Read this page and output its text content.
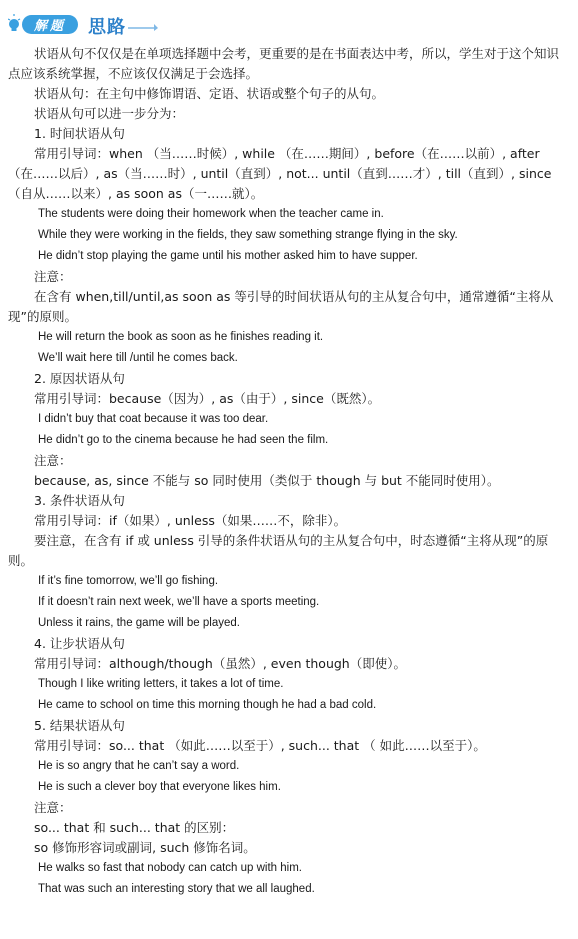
解题 思路

状语从句不仅仅是在单项选择题中会考，更重要的是在书面表达中考，所以，学生对于这个知识点应该系统掌握，不应该仅仅满足于会选择。

状语从句：在主句中修饰谓语、定语、状语或整个句子的从句。

状语从句可以进一步分为：

1. 时间状语从句

常用引导词：when （当……时候）, while （在……期间）, before（在……以前）, after（在……以后）, as（当……时）, until（直到）, not... until（直到……才）, till（直到）, since（自从……以来）, as soon as（一……就）。

The students were doing their homework when the teacher came in.

While they were working in the fields, they saw something strange flying in the sky.

He didn’t stop playing the game until his mother asked him to have supper.

注意：

在含有 when,till/until,as soon as 等引导的时间状语从句的主从复合句中，通常遵循“主将从现”的原则。

He will return the book as soon as he finishes reading it.

We’ll wait here till /until he comes back.

2. 原因状语从句

常用引导词：because（因为）, as（由于）, since（既然）。

I didn’t buy that coat because it was too dear.

He didn’t go to the cinema because he had seen the film.

注意：

because, as, since 不能与 so 同时使用（类似于 though 与 but 不能同时使用）。

3. 条件状语从句

常用引导词：if（如果）, unless（如果……不，除非）。

要注意，在含有 if 或 unless 引导的条件状语从句的主从复合句中，时态遵循“主将从现”的原则。

If it’s fine tomorrow, we’ll go fishing.

If it doesn’t rain next week, we’ll have a sports meeting.

Unless it rains, the game will be played.

4. 让步状语从句

常用引导词：although/though（虽然）, even though（即使）。

Though I like writing letters, it takes a lot of time.

He came to school on time this morning though he had a bad cold.

5. 结果状语从句

常用引导词：so... that （如此……以至于）, such... that （ 如此……以至于）。

He is so angry that he can’t say a word.

He is such a clever boy that everyone likes him.

注意：

so... that 和 such... that 的区别：

so 修饰形容词或副词, such 修饰名词。

He walks so fast that nobody can catch up with him.

That was such an interesting story that we all laughed.
